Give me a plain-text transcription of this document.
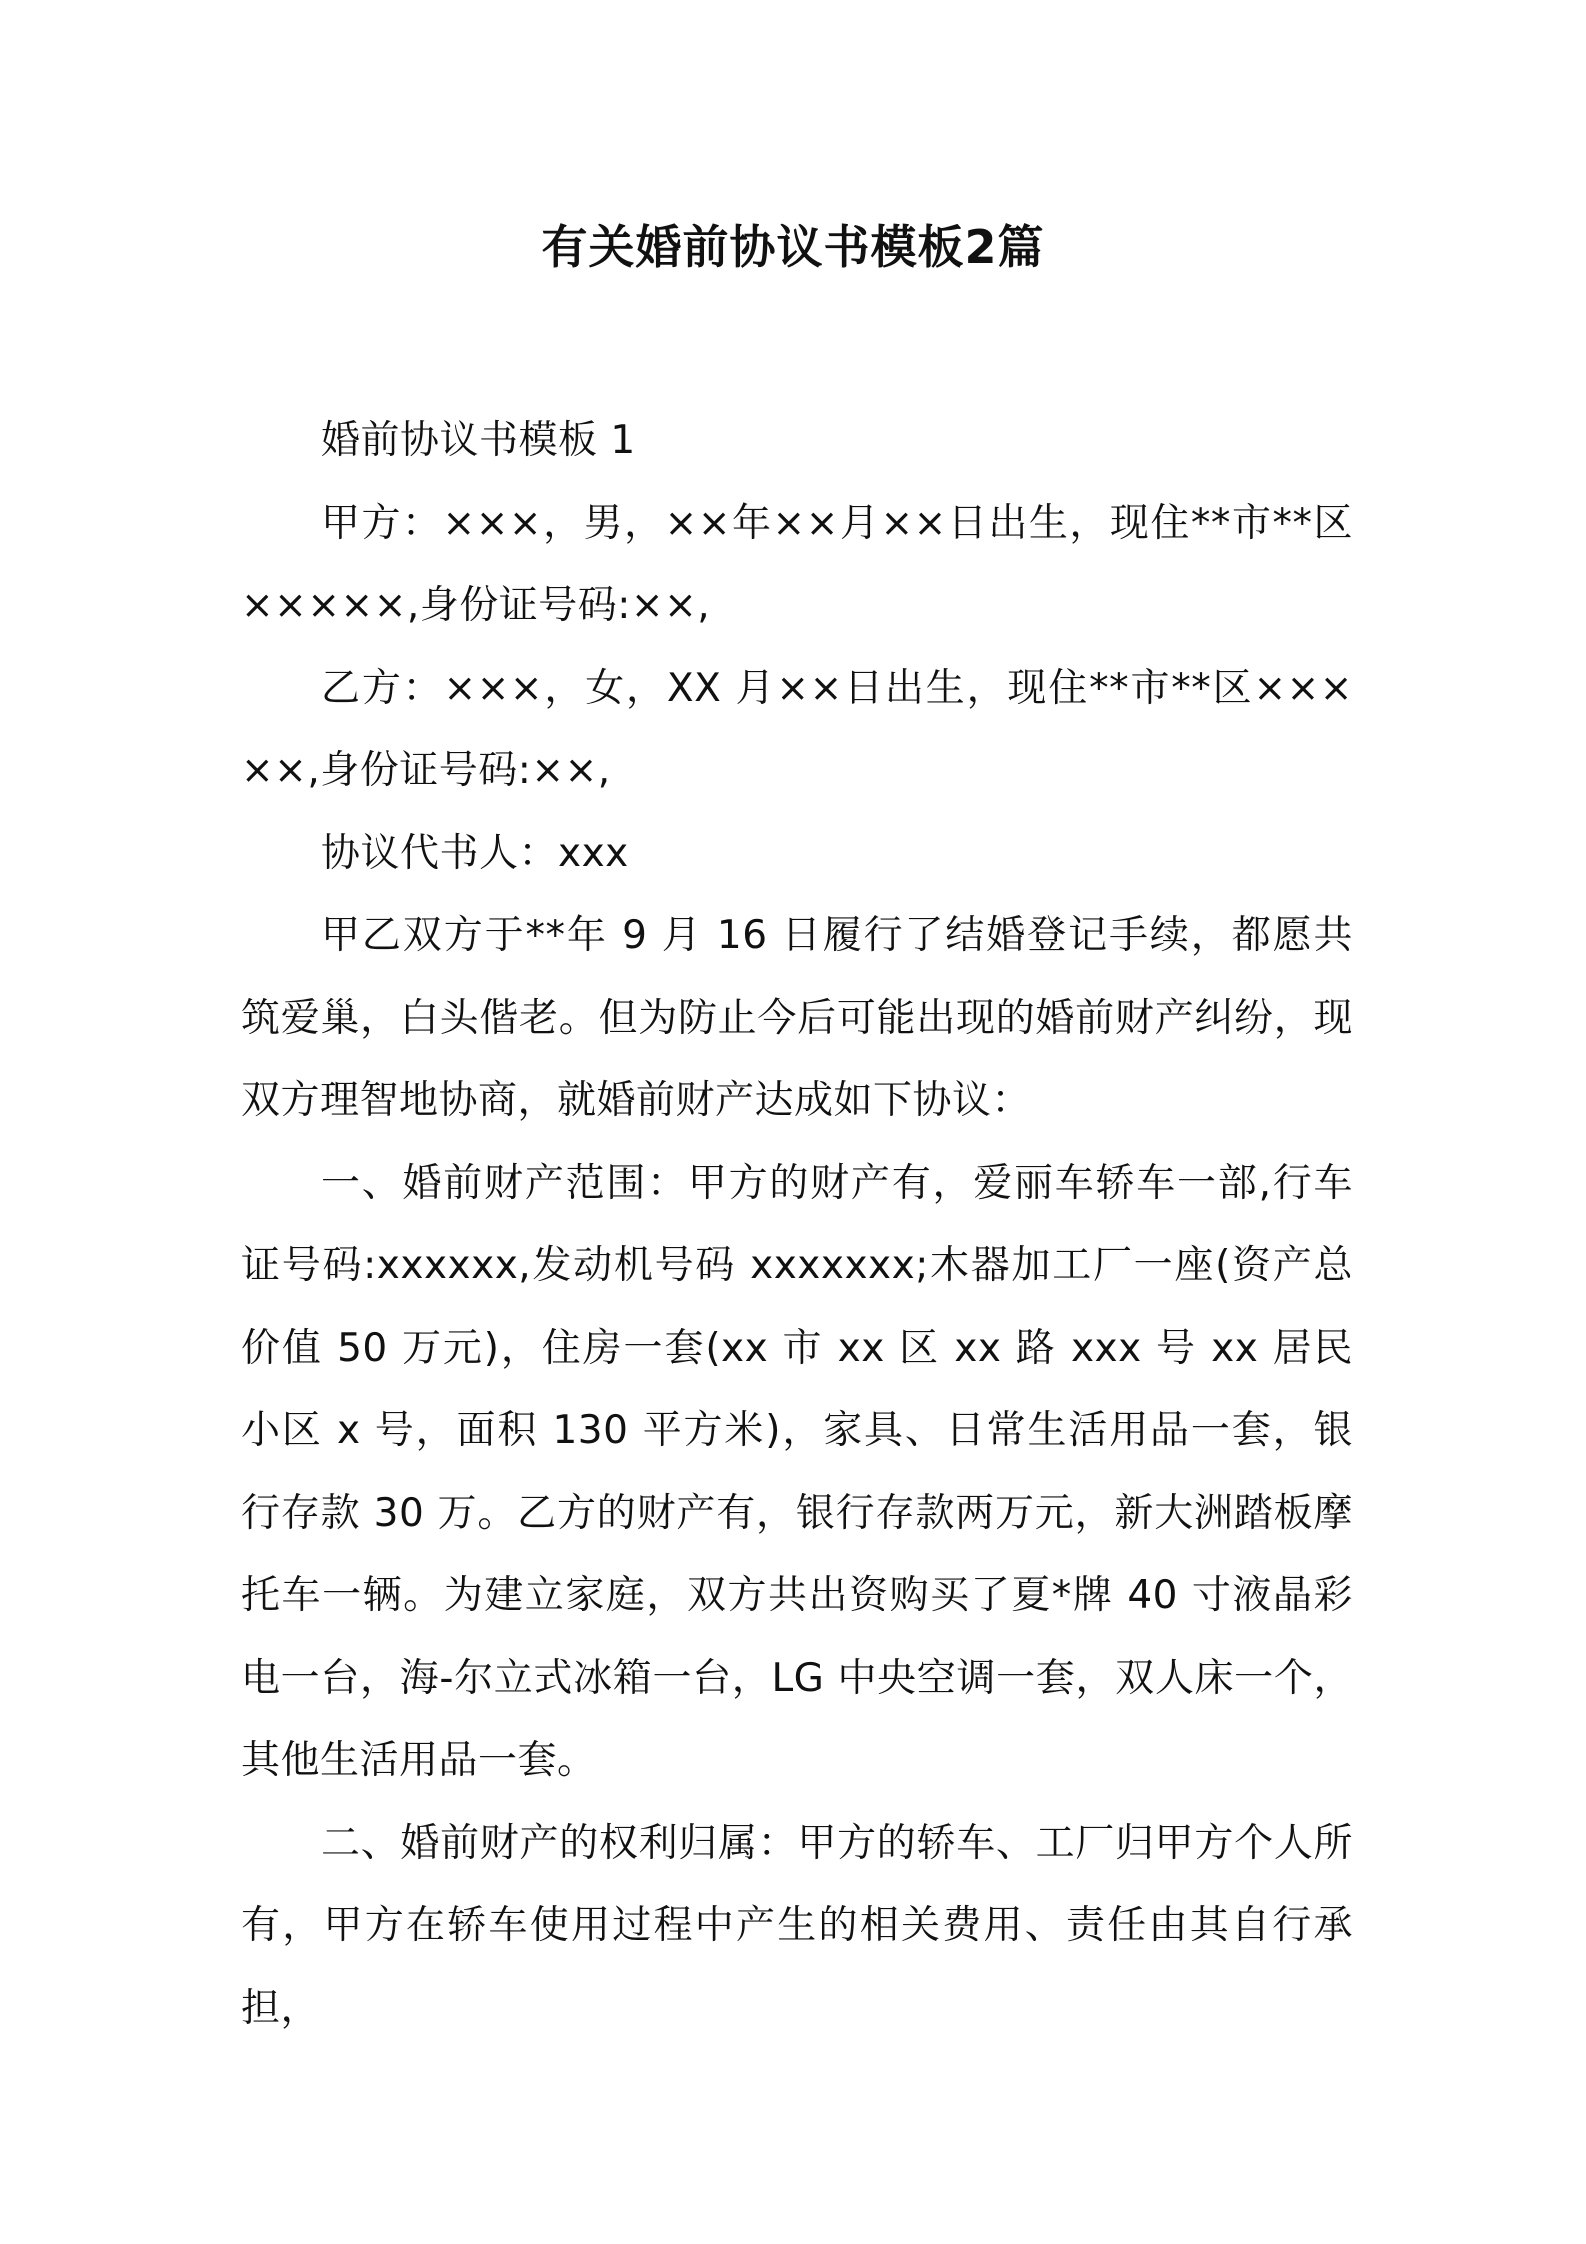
有关婚前协议书模板2篇

婚前协议书模板 1

甲方：×××，男，××年××月××日出生，现住**市**区×××××,身份证号码:××,

乙方：×××，女，XX 月××日出生，现住**市**区×××××,身份证号码:××,

协议代书人：xxx

甲乙双方于**年 9 月 16 日履行了结婚登记手续，都愿共筑爱巢，白头偕老。但为防止今后可能出现的婚前财产纠纷，现双方理智地协商，就婚前财产达成如下协议：

一、婚前财产范围：甲方的财产有，爱丽车轿车一部,行车证号码:xxxxxx,发动机号码 xxxxxxx;木器加工厂一座(资产总价值 50 万元)，住房一套(xx 市 xx 区 xx 路 xxx 号 xx 居民小区 x 号，面积 130 平方米)，家具、日常生活用品一套，银行存款 30 万。乙方的财产有，银行存款两万元，新大洲踏板摩托车一辆。为建立家庭，双方共出资购买了夏*牌 40 寸液晶彩电一台，海-尔立式冰箱一台，LG 中央空调一套，双人床一个，其他生活用品一套。

二、婚前财产的权利归属：甲方的轿车、工厂归甲方个人所有，甲方在轿车使用过程中产生的相关费用、责任由其自行承担，
